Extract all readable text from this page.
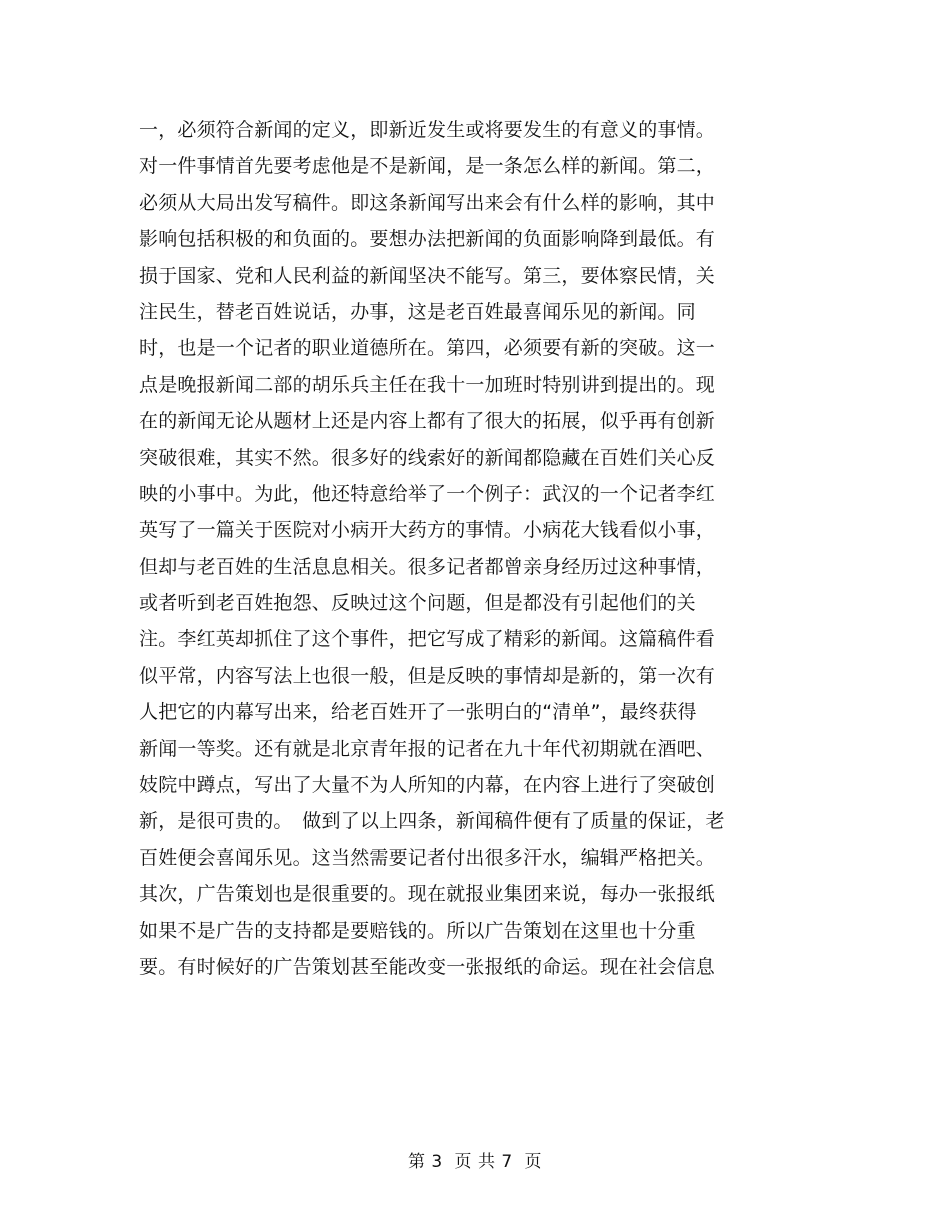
一，必须符合新闻的定义，即新近发生或将要发生的有意义的事情。
对一件事情首先要考虑他是不是新闻，是一条怎么样的新闻。第二，
必须从大局出发写稿件。即这条新闻写出来会有什么样的影响，其中
影响包括积极的和负面的。要想办法把新闻的负面影响降到最低。有
损于国家、党和人民利益的新闻坚决不能写。第三，要体察民情，关
注民生，替老百姓说话，办事，这是老百姓最喜闻乐见的新闻。同
时，也是一个记者的职业道德所在。第四，必须要有新的突破。这一
点是晚报新闻二部的胡乐兵主任在我十一加班时特别讲到提出的。现
在的新闻无论从题材上还是内容上都有了很大的拓展，似乎再有创新
突破很难，其实不然。很多好的线索好的新闻都隐藏在百姓们关心反
映的小事中。为此，他还特意给举了一个例子：武汉的一个记者李红
英写了一篇关于医院对小病开大药方的事情。小病花大钱看似小事，
但却与老百姓的生活息息相关。很多记者都曾亲身经历过这种事情，
或者听到老百姓抱怨、反映过这个问题，但是都没有引起他们的关
注。李红英却抓住了这个事件，把它写成了精彩的新闻。这篇稿件看
似平常，内容写法上也很一般，但是反映的事情却是新的，第一次有
人把它的内幕写出来，给老百姓开了一张明白的“清单”，最终获得
新闻一等奖。还有就是北京青年报的记者在九十年代初期就在酒吧、
妓院中蹲点，写出了大量不为人所知的内幕，在内容上进行了突破创
新，是很可贵的。　做到了以上四条，新闻稿件便有了质量的保证，老
百姓便会喜闻乐见。这当然需要记者付出很多汗水，编辑严格把关。
其次，广告策划也是很重要的。现在就报业集团来说，每办一张报纸
如果不是广告的支持都是要赔钱的。所以广告策划在这里也十分重
要。有时候好的广告策划甚至能改变一张报纸的命运。现在社会信息
第 3  页 共 7  页
